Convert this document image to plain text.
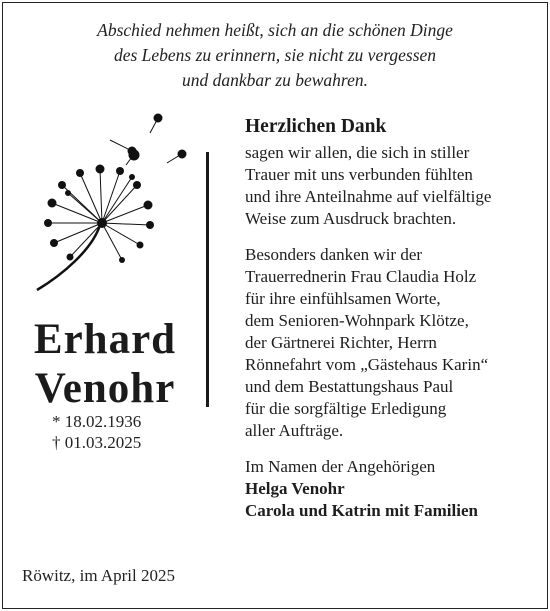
Abschied nehmen heißt, sich an die schönen Dinge
des Lebens zu erinnern, sie nicht zu vergessen
und dankbar zu bewahren.
Erhard
Venohr
* 18.02.1936
† 01.03.2025
Herzlichen Dank
sagen wir allen, die sich in stiller
Trauer mit uns verbunden fühlten
und ihre Anteilnahme auf vielfältige
Weise zum Ausdruck brachten.
Besonders danken wir der
Trauerrednerin Frau Claudia Holz
für ihre einfühlsamen Worte,
dem Senioren-Wohnpark Klötze,
der Gärtnerei Richter, Herrn
Rönnefahrt vom „Gästehaus Karin“
und dem Bestattungshaus Paul
für die sorgfältige Erledigung
aller Aufträge.
Im Namen der Angehörigen
Helga Venohr
Carola und Katrin mit Familien
Röwitz, im April 2025
